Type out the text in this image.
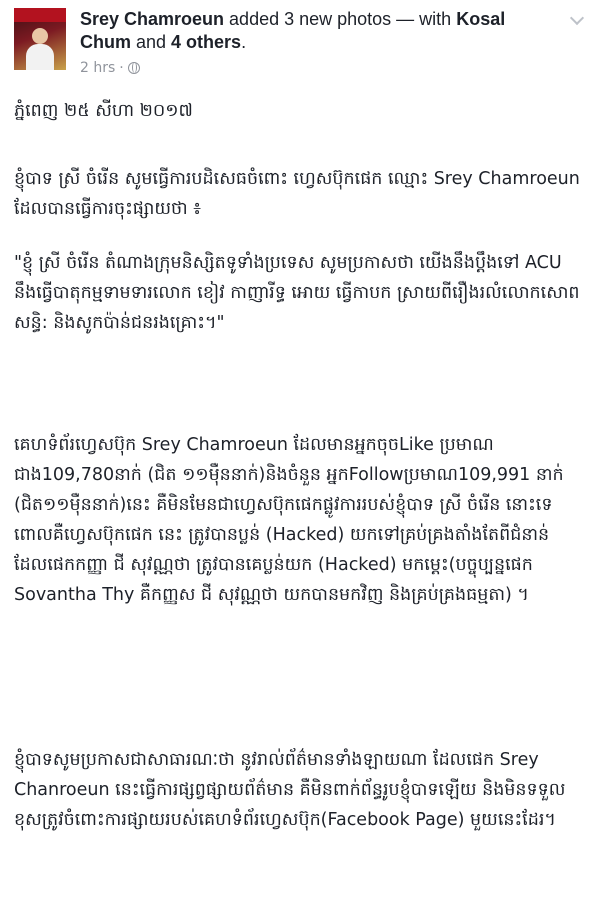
Srey Chamroeun added 3 new photos — with Kosal Chum and 4 others.
2 hrs ·

ភ្នំពេញ ២៥ សីហា ២០១៧

ខ្ញុំបាទ ស្រី ចំរើន សូមធ្វើការបដិសេធចំពោះ ហ្វេសប៊ុកផេក ឈ្មោះ Srey Chamroeun ដែលបានធ្វើការចុះផ្សាយថា ៖

"ខ្ញុំ ស្រី ចំរើន តំណាងក្រុមនិស្សិតទូទាំងប្រទេស សូមប្រកាសថា យើងនឹងប្ដឹងទៅ ACU នឹងធ្វើបាតុកម្មទាមទារលោក ខៀវ កាញារីទ្ធ អោយ ធ្វើកាបក ស្រាយពីរឿងរលំលោកសោពសន្ធិ: និងសូកប៉ាន់ជនរងគ្រោះ។"

គេហទំព័រហ្វេសប៊ុក Srey Chamroeun ដែលមានអ្នកចុចLike ប្រមាណជាង109,780នាក់ (ជិត ១១ម៉ឺននាក់)និងចំនួន អ្នកFollowប្រមាណ109,991 នាក់ (ជិត១១ម៉ឺននាក់)នេះ គឺមិនមែនជាហ្វេសប៊ុកផេកផ្លូវការរបស់ខ្ញុំបាទ ស្រី ចំរើន នោះទេ ពោលគឺហ្វេសប៊ុកផេក នេះ ត្រូវបានប្លន់ (Hacked) យកទៅគ្រប់គ្រងតាំងតែពីជំនាន់ដែលផេកកញ្ញា ជី សុវណ្ណថា ត្រូវបានគេប្លន់យក (Hacked) មកម្ដេះ(បច្ចុប្បន្នផេក Sovantha Thy គឺកញ្ញស ជី សុវណ្ណថា យកបានមកវិញ និងគ្រប់គ្រងធម្មតា) ។

ខ្ញុំបាទសូមប្រកាសជាសាធារណៈថា នូវរាល់ព័ត៌មានទាំងឡាយណា ដែលផេក Srey Chanroeun នេះធ្វើការផ្សព្វផ្សាយព័ត៌មាន គឺមិនពាក់ព័ន្ធរូបខ្ញុំបាទឡើយ និងមិនទទួលខុសត្រូវចំពោះការផ្សាយរបស់គេហទំព័រហ្វេសប៊ុក(Facebook Page) មួយនេះដែរ។
